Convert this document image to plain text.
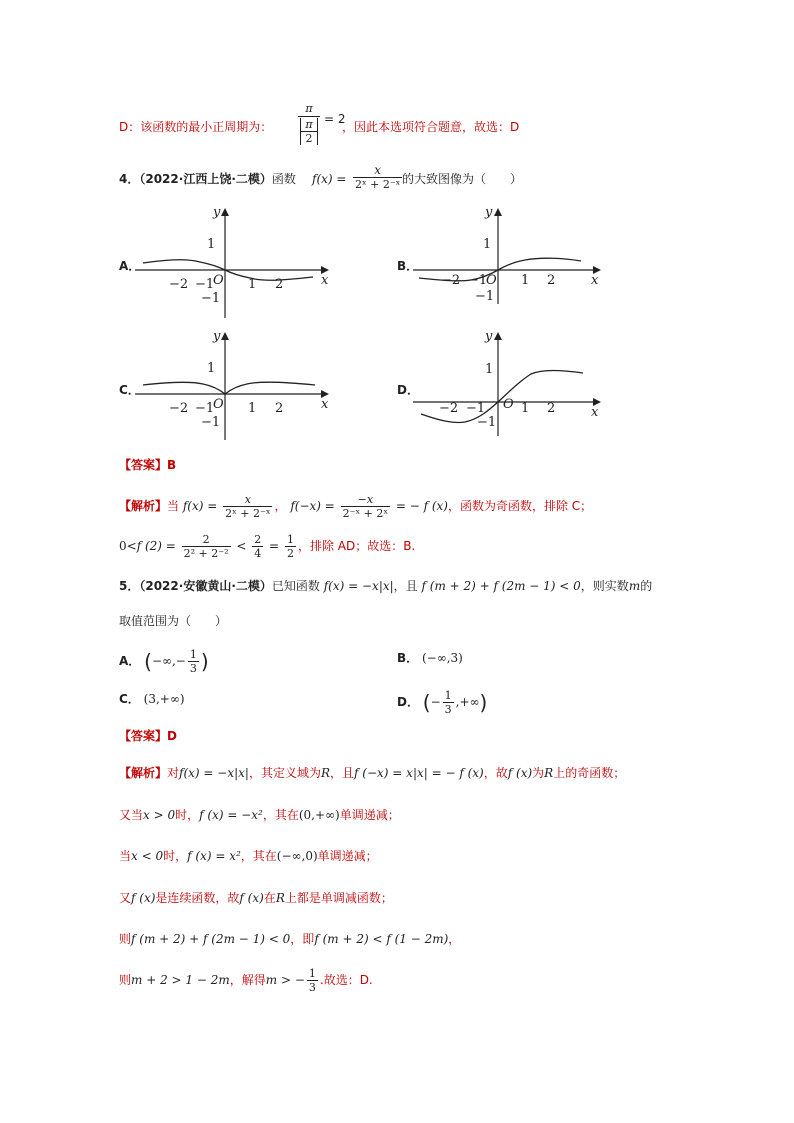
D：该函数的最小正周期为：
π
π
2
= 2
，因此本选项符合题意，故选：D
4．（2022·江西上饶·二模）函数 $f(x) = \frac{x}{\text{2ˣ + 2⁻ˣ}}$ 的大致图像为（　　）
A．
y
x
O
−2 −1	1 2
1
−1
B．
y
x
O
−2 −1	1 2
1
−1
C．
y
x
O
−2 −1	1 2
1
−1
D．
y
x
O
−2 −1	1 2
1
−1
【答案】B
【解析】当 $f(x) = \frac{x}{\text{2ˣ + 2⁻ˣ}}$ ， $f(-x) = \frac{-x}{\text{2⁻ˣ + 2ˣ}}$ = − f (x)，函数为奇函数，排除 C；
0<f $(2) = \frac{2}{\text{2² + 2⁻²}} < \frac{2}{4} = \frac{1}{2}$ ，排除 AD；故选：B.
5．（2022·安徽黄山·二模）已知函数 f(x) = −x|x|，且 f (m + 2) + f (2m − 1) < 0，则实数m的
取值范围为（　　）
A． (−∞,− $\frac{1}{3}$ )	B． (−∞,3)
C． (3,+∞)	D． (− $\frac{1}{3}$ ,+∞)
【答案】D
【解析】对f(x) = −x|x|，其定义域为R，且f (−x) = x|x| = − f (x)，故f (x)为R上的奇函数；
又当x > 0时，f (x) = −x²，其在(0,+∞)单调递减；
当x < 0时，f (x) = x²，其在(−∞,0)单调递减；
又f (x)是连续函数，故f (x)在R上都是单调减函数；
则f (m + 2) + f (2m − 1) < 0，即f (m + 2) < f (1 − 2m)，
则m + 2 > 1 − 2m，解得m > − $\frac{1}{3}$ .故选：D.
